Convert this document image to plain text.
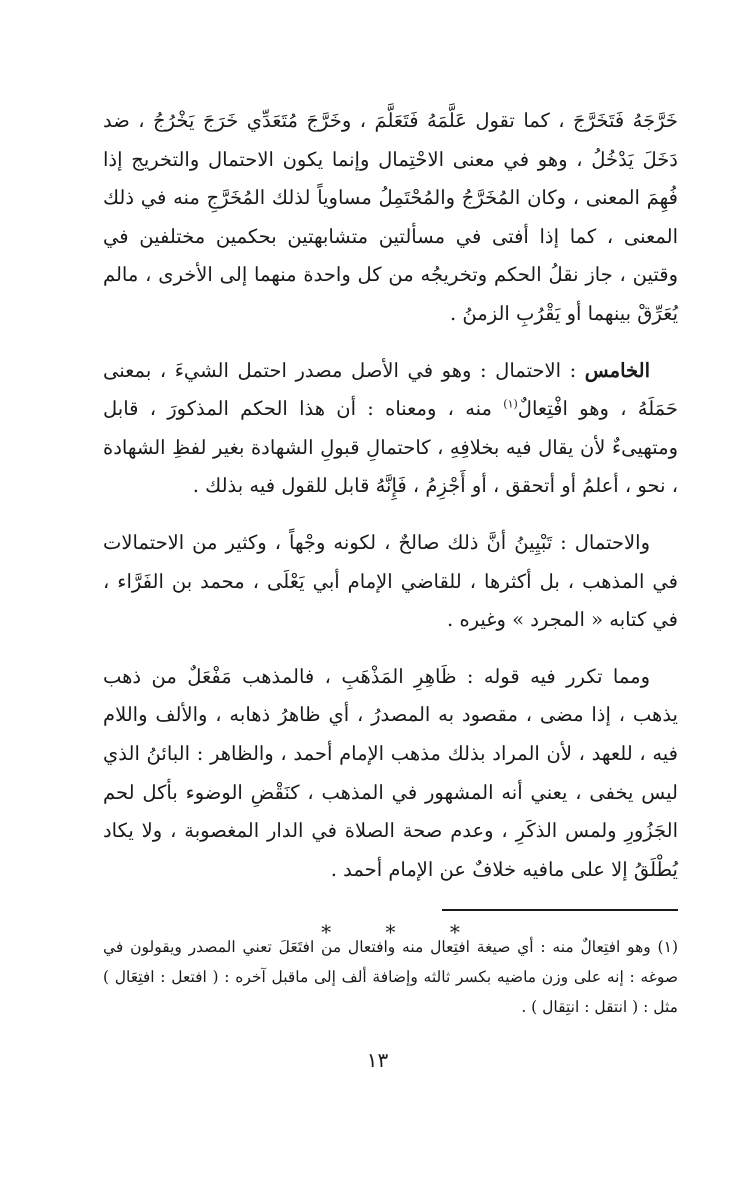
خَرَّجَهُ فَتَخَرَّجَ ، كما تقول عَلَّمَهُ فَتَعَلَّمَ ، وخَرَّجَ مُتَعَدِّي خَرَجَ يَخْرُجُ ، ضد دَخَلَ يَدْخُلُ ، وهو في معنى الاحْتِمال وإنما يكون الاحتمال والتخريج إذا فُهِمَ المعنى ، وكان المُخَرَّجُ والمُحْتَمِلُ مساوياً لذلك المُخَرَّجِ منه في ذلك المعنى ، كما إذا أفتى في مسألتين متشابهتين بحكمين مختلفين في وقتين ، جاز نقلُ الحكم وتخريجُه من كل واحدة منهما إلى الأخرى ، مالم يُعَرِّقْ بينهما أو يَقْرُبِ الزمنُ .

الخامس : الاحتمال : وهو في الأصل مصدر احتمل الشيءَ ، بمعنى حَمَلَهُ ، وهو افْتِعالٌ$^{(١)}$ منه ، ومعناه : أن هذا الحكم المذكورَ ، قابل ومتهيىءٌ لأن يقال فيه بخلافِهِ ، كاحتمالِ قبولِ الشهادة بغير لفظِ الشهادة ، نحو ، أعلمُ أو أتحقق ، أو أَجْزِمُ ، فَإِنَّهُ قابل للقول فيه بذلك .

والاحتمال : تَبْيِينُ أنَّ ذلك صالحٌ ، لكونه وجْهاً ، وكثير من الاحتمالات في المذهب ، بل أكثرها ، للقاضي الإمام أبي يَعْلَى ، محمد بن الفَرَّاء ، في كتابه « المجرد » وغيره .

ومما تكرر فيه قوله : ظَاهِرِ المَذْهَبِ ، فالمذهب مَفْعَلٌ من ذهب يذهب ، إذا مضى ، مقصود به المصدرُ ، أي ظاهرُ ذهابه ، والألف واللام فيه ، للعهد ، لأن المراد بذلك مذهب الإمام أحمد ، والظاهر : البائنُ الذي ليس يخفى ، يعني أنه المشهور في المذهب ، كنَقْضِ الوضوء بأكل لحم الجَزُورِ ولمس الذكَرِ ، وعدم صحة الصلاة في الدار المغصوبة ، ولا يكاد يُطْلَقُ إلا على مافيه خلافٌ عن الإمام أحمد .

* * *

(١) وهو افتِعالٌ منه : أي صيغة افتِعال منه وافتعال من افتَعَلَ تعني المصدر ويقولون في صوغه : إنه على وزن ماضيه بكسر ثالثه وإضافة ألف إلى ماقبل آخره : ( افتعل : افتِعَال ) مثل : ( انتقل : انتِقال ) .

١٣
